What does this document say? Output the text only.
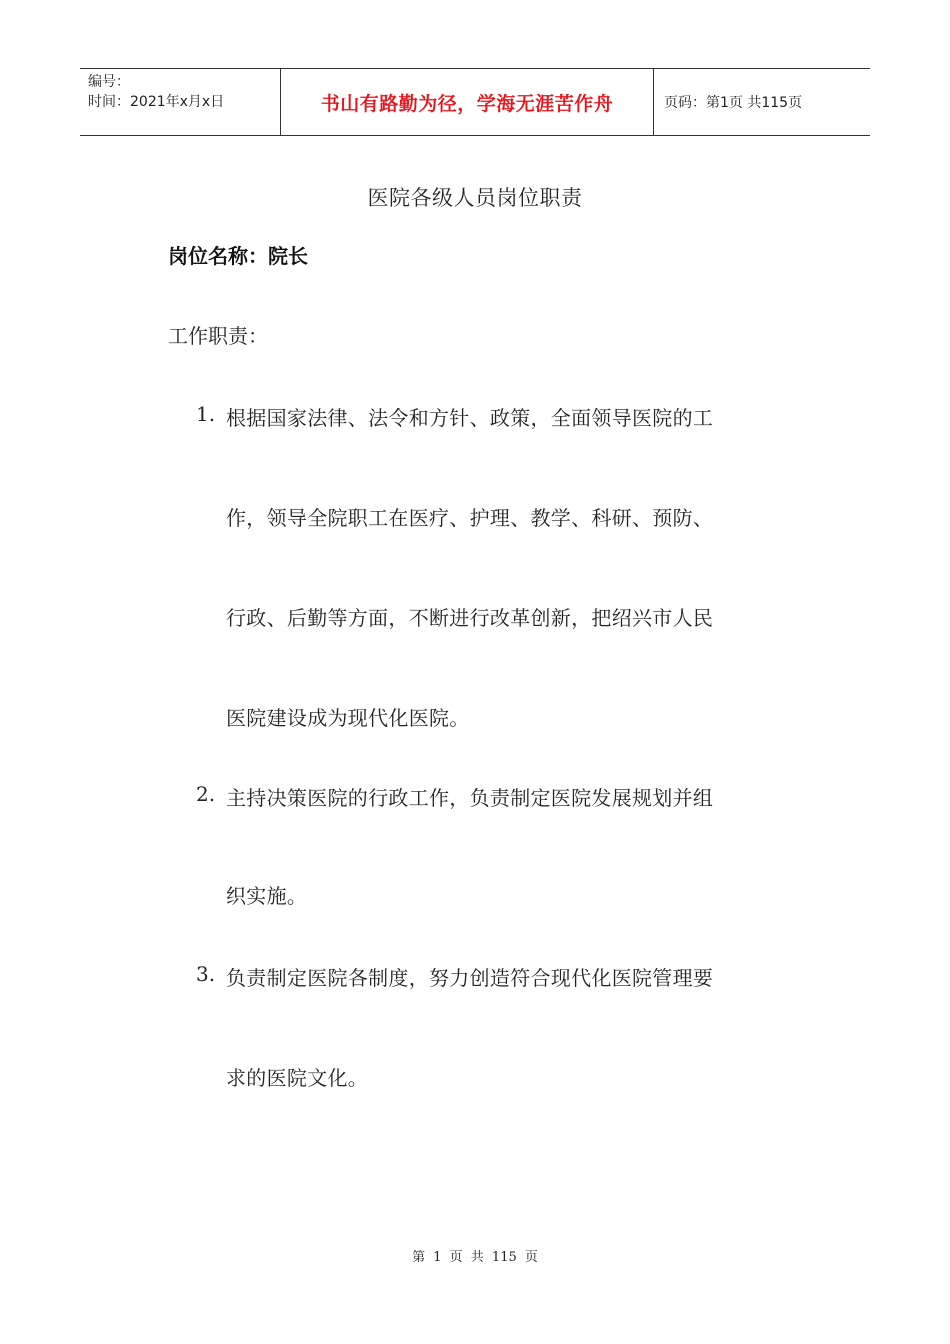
编号：
时间：2021年x月x日	书山有路勤为径，学海无涯苦作舟	页码：第1页 共115页
医院各级人员岗位职责
岗位名称：院长
工作职责：
1. 根据国家法律、法令和方针、政策，全面领导医院的工
作，领导全院职工在医疗、护理、教学、科研、预防、
行政、后勤等方面，不断进行改革创新，把绍兴市人民
医院建设成为现代化医院。
2. 主持决策医院的行政工作，负责制定医院发展规划并组
织实施。
3. 负责制定医院各制度，努力创造符合现代化医院管理要
求的医院文化。
第 1 页 共 115 页
